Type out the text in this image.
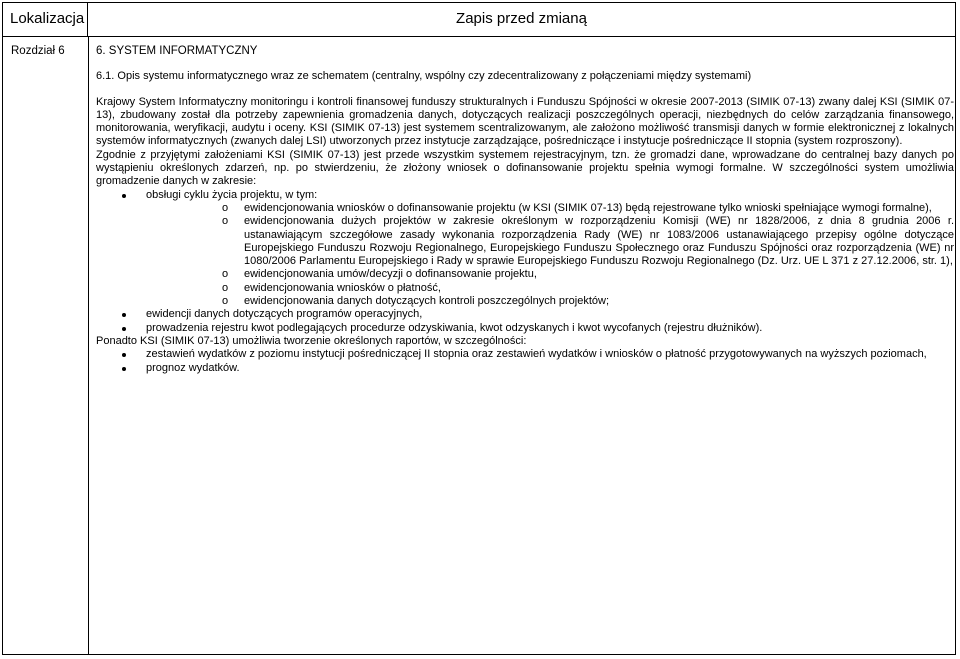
Lokalizacja	Zapis przed zmianą
Rozdział 6	6. SYSTEM INFORMATYCZNY

6.1. Opis systemu informatycznego wraz ze schematem (centralny, wspólny czy zdecentralizowany z połączeniami między systemami)

Krajowy System Informatyczny monitoringu i kontroli finansowej funduszy strukturalnych i Funduszu Spójności w okresie 2007-2013 (SIMIK 07-13) zwany dalej KSI (SIMIK 07-13), zbudowany został dla potrzeby zapewnienia gromadzenia danych, dotyczących realizacji poszczególnych operacji, niezbędnych do celów zarządzania finansowego, monitorowania, weryfikacji, audytu i oceny. KSI (SIMIK 07-13) jest systemem scentralizowanym, ale założono możliwość transmisji danych w formie elektronicznej z lokalnych systemów informatycznych (zwanych dalej LSI) utworzonych przez instytucje zarządzające, pośredniczące i instytucje pośredniczące II stopnia (system rozproszony).

Zgodnie z przyjętymi założeniami KSI (SIMIK 07-13) jest przede wszystkim systemem rejestracyjnym, tzn. że gromadzi dane, wprowadzane do centralnej bazy danych po wystąpieniu określonych zdarzeń, np. po stwierdzeniu, że złożony wniosek o dofinansowanie projektu spełnia wymogi formalne. W szczególności system umożliwia gromadzenie danych w zakresie:

obsługi cyklu życia projektu, w tym:
o ewidencjonowania wniosków o dofinansowanie projektu (w KSI (SIMIK 07-13) będą rejestrowane tylko wnioski spełniające wymogi formalne),
o ewidencjonowania dużych projektów w zakresie określonym w rozporządzeniu Komisji (WE) nr 1828/2006, z dnia 8 grudnia 2006 r. ustanawiającym szczegółowe zasady wykonania rozporządzenia Rady (WE) nr 1083/2006 ustanawiającego przepisy ogólne dotyczące Europejskiego Funduszu Rozwoju Regionalnego, Europejskiego Funduszu Społecznego oraz Funduszu Spójności oraz rozporządzenia (WE) nr 1080/2006 Parlamentu Europejskiego i Rady w sprawie Europejskiego Funduszu Rozwoju Regionalnego (Dz. Urz. UE L 371 z 27.12.2006, str. 1),
o ewidencjonowania umów/decyzji o dofinansowanie projektu,
o ewidencjonowania wniosków o płatność,
o ewidencjonowania danych dotyczących kontroli poszczególnych projektów;
ewidencji danych dotyczących programów operacyjnych,
prowadzenia rejestru kwot podlegających procedurze odzyskiwania, kwot odzyskanych i kwot wycofanych (rejestru dłużników).

Ponadto KSI (SIMIK 07-13) umożliwia tworzenie określonych raportów, w szczególności:

zestawień wydatków z poziomu instytucji pośredniczącej II stopnia oraz zestawień wydatków i wniosków o płatność przygotowywanych na wyższych poziomach,
prognoz wydatków.
